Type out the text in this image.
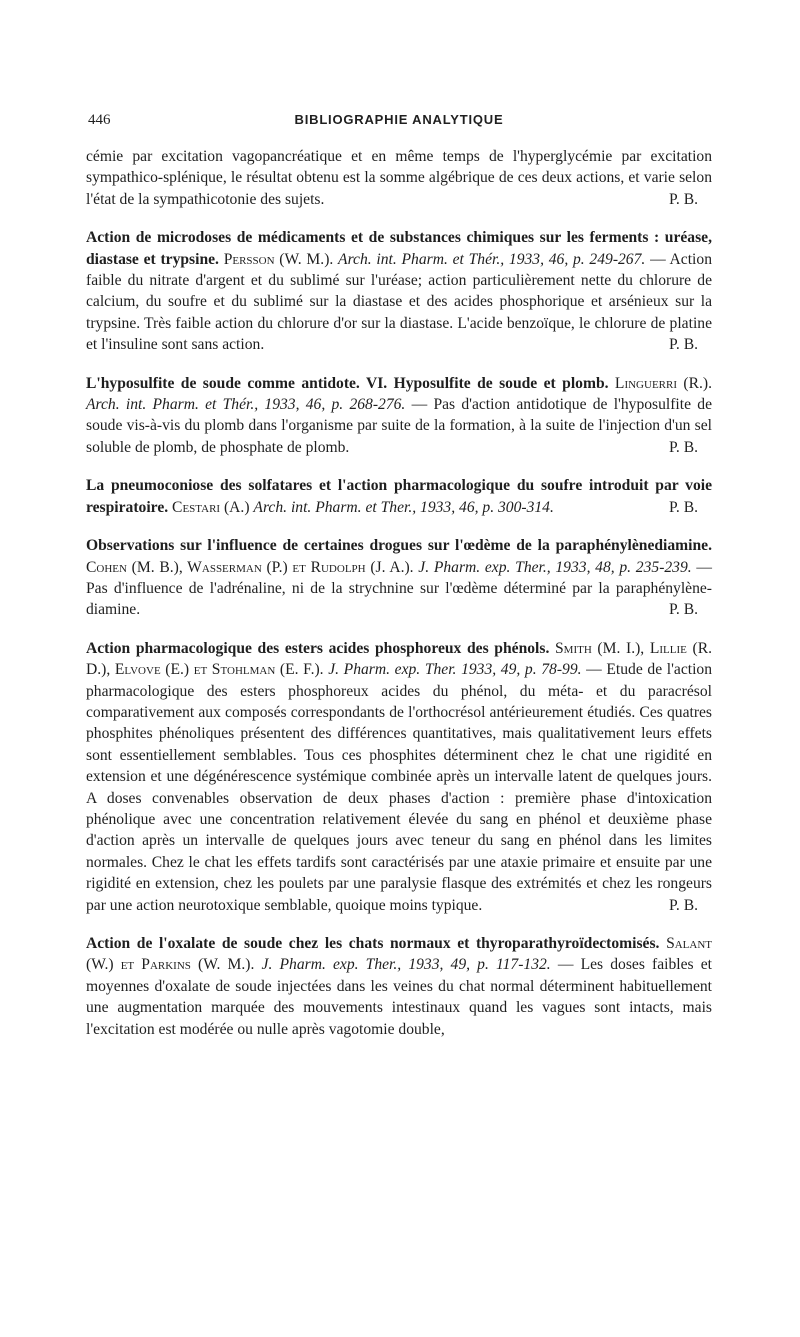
446	BIBLIOGRAPHIE ANALYTIQUE

cémie par excitation vagopancréatique et en même temps de l'hyperglycémie par excitation sympathico-splénique, le résultat obtenu est la somme algébrique de ces deux actions, et varie selon l'état de la sympathicotonie des sujets.	P. B.

Action de microdoses de médicaments et de substances chimiques sur les ferments : uréase, diastase et trypsine. Persson (W. M.). Arch. int. Pharm. et Thér., 1933, 46, p. 249-267. — Action faible du nitrate d'argent et du sublimé sur l'uréase; action particulièrement nette du chlorure de calcium, du soufre et du sublimé sur la diastase et des acides phosphorique et arsénieux sur la trypsine. Très faible action du chlorure d'or sur la diastase. L'acide benzoïque, le chlorure de platine et l'insuline sont sans action.	P. B.

L'hyposulfite de soude comme antidote. VI. Hyposulfite de soude et plomb. Linguerri (R.). Arch. int. Pharm. et Thér., 1933, 46, p. 268-276. — Pas d'action antidotique de l'hyposulfite de soude vis-à-vis du plomb dans l'organisme par suite de la formation, à la suite de l'injection d'un sel soluble de plomb, de phosphate de plomb.	P. B.

La pneumoconiose des solfatares et l'action pharmacologique du soufre introduit par voie respiratoire. Cestari (A.) Arch. int. Pharm. et Ther., 1933, 46, p. 300-314.	P. B.

Observations sur l'influence de certaines drogues sur l'œdème de la paraphénylènediamine. Cohen (M. B.), Wasserman (P.) et Rudolph (J. A.). J. Pharm. exp. Ther., 1933, 48, p. 235-239. — Pas d'influence de l'adrénaline, ni de la strychnine sur l'œdème déterminé par la paraphénylène-diamine.	P. B.

Action pharmacologique des esters acides phosphoreux des phénols. Smith (M. I.), Lillie (R. D.), Elvove (E.) et Stohlman (E. F.). J. Pharm. exp. Ther. 1933, 49, p. 78-99. — Etude de l'action pharmacologique des esters phosphoreux acides du phénol, du méta- et du paracrésol comparativement aux composés correspondants de l'orthocrésol antérieurement étudiés. Ces quatres phosphites phénoliques présentent des différences quantitatives, mais qualitativement leurs effets sont essentiellement semblables. Tous ces phosphites déterminent chez le chat une rigidité en extension et une dégénérescence systémique combinée après un intervalle latent de quelques jours. A doses convenables observation de deux phases d'action : première phase d'intoxication phénolique avec une concentration relativement élevée du sang en phénol et deuxième phase d'action après un intervalle de quelques jours avec teneur du sang en phénol dans les limites normales. Chez le chat les effets tardifs sont caractérisés par une ataxie primaire et ensuite par une rigidité en extension, chez les poulets par une paralysie flasque des extrémités et chez les rongeurs par une action neurotoxique semblable, quoique moins typique.	P. B.

Action de l'oxalate de soude chez les chats normaux et thyroparathyroïdectomisés. Salant (W.) et Parkins (W. M.). J. Pharm. exp. Ther., 1933, 49, p. 117-132. — Les doses faibles et moyennes d'oxalate de soude injectées dans les veines du chat normal déterminent habituellement une augmentation marquée des mouvements intestinaux quand les vagues sont intacts, mais l'excitation est modérée ou nulle après vagotomie double,
